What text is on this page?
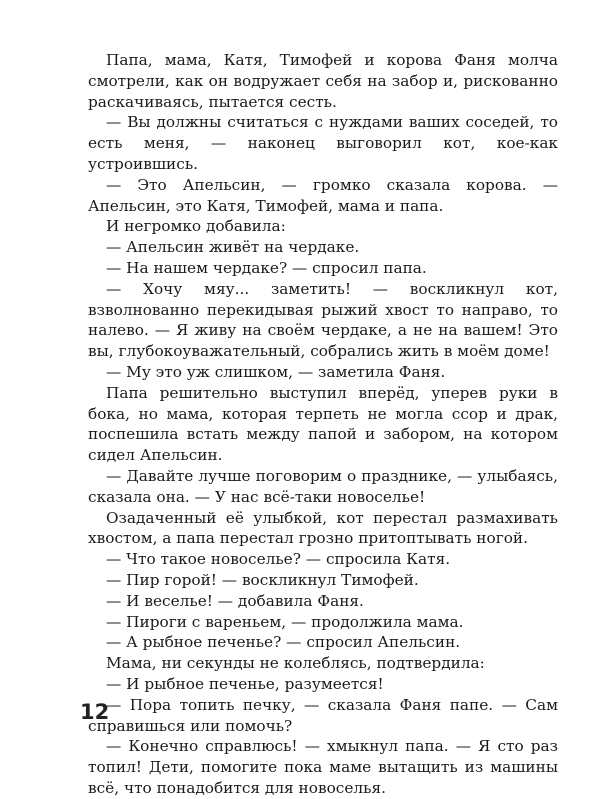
Папа, мама, Катя, Тимофей и корова Фаня молча смотрели, как он водружает себя на забор и, рискованно раскачиваясь, пытается сесть.

— Вы должны считаться с нуждами ваших соседей, то есть меня, — наконец выговорил кот, кое-как устроившись.

— Это Апельсин, — громко сказала корова. — Апельсин, это Катя, Тимофей, мама и папа.

И негромко добавила:

— Апельсин живёт на чердаке.

— На нашем чердаке? — спросил папа.

— Хочу мяу... заметить! — воскликнул кот, взволнованно перекидывая рыжий хвост то направо, то налево. — Я живу на своём чердаке, а не на вашем! Это вы, глубокоуважательный, собрались жить в моём доме!

— Му это уж слишком, — заметила Фаня.

Папа решительно выступил вперёд, уперев руки в бока, но мама, которая терпеть не могла ссор и драк, поспешила встать между папой и забором, на котором сидел Апельсин.

— Давайте лучше поговорим о празднике, — улыбаясь, сказала она. — У нас всё-таки новоселье!

Озадаченный её улыбкой, кот перестал размахивать хвостом, а папа перестал грозно притоптывать ногой.

— Что такое новоселье? — спросила Катя.

— Пир горой! — воскликнул Тимофей.

— И веселье! — добавила Фаня.

— Пироги с вареньем, — продолжила мама.

— А рыбное печенье? — спросил Апельсин.

Мама, ни секунды не колеблясь, подтвердила:

— И рыбное печенье, разумеется!

— Пора топить печку, — сказала Фаня папе. — Сам справишься или помочь?

— Конечно справлюсь! — хмыкнул папа. — Я сто раз топил! Дети, помогите пока маме вытащить из машины всё, что понадобится для новоселья.

12
